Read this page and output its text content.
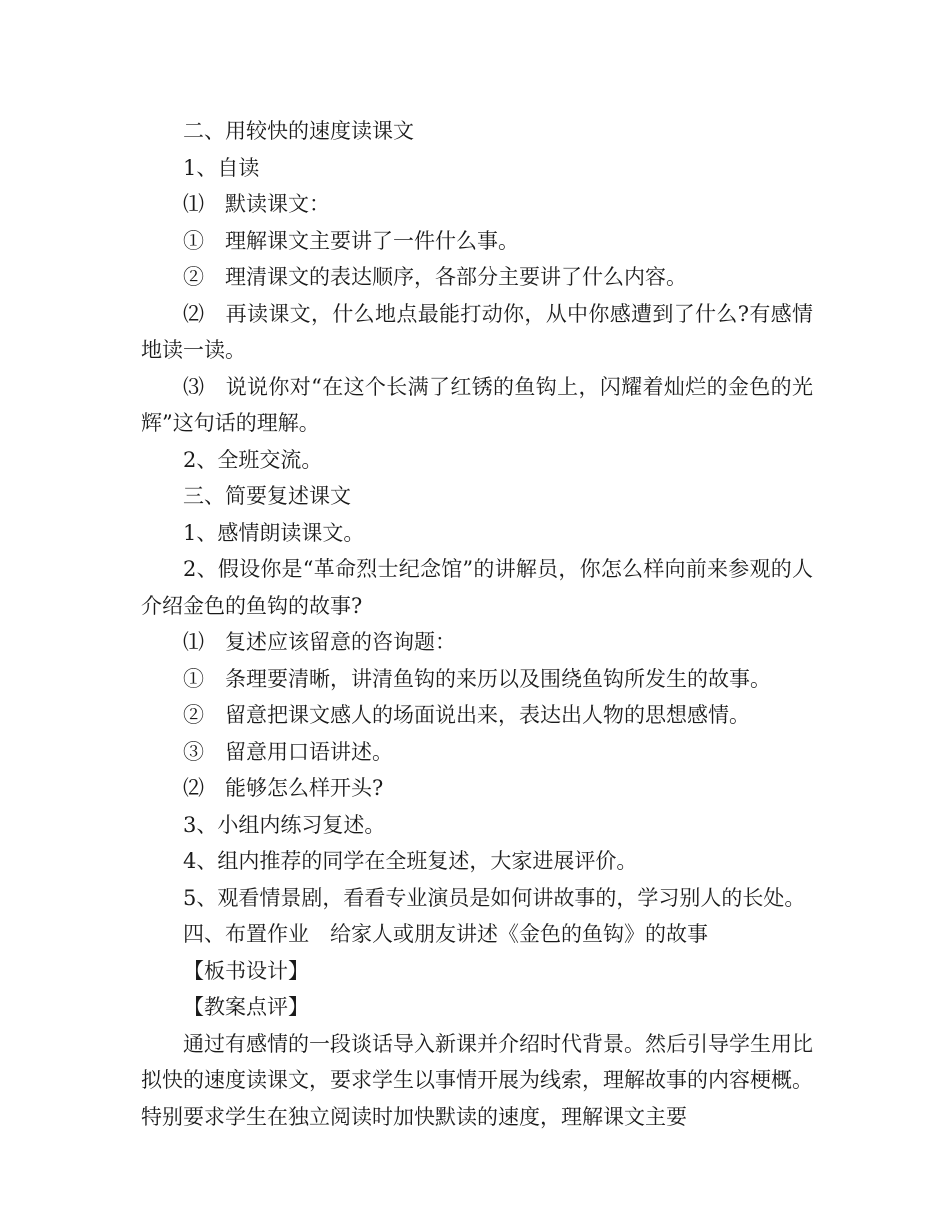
二、用较快的速度读课文

1、自读

⑴　默读课文：

①　理解课文主要讲了一件什么事。

②　理清课文的表达顺序，各部分主要讲了什么内容。

⑵　再读课文，什么地点最能打动你，从中你感遭到了什么?有感情地读一读。

⑶　说说你对“在这个长满了红锈的鱼钩上，闪耀着灿烂的金色的光辉”这句话的理解。

2、全班交流。

三、简要复述课文

1、感情朗读课文。

2、假设你是“革命烈士纪念馆”的讲解员，你怎么样向前来参观的人介绍金色的鱼钩的故事?

⑴　复述应该留意的咨询题：

①　条理要清晰，讲清鱼钩的来历以及围绕鱼钩所发生的故事。

②　留意把课文感人的场面说出来，表达出人物的思想感情。

③　留意用口语讲述。

⑵　能够怎么样开头?

3、小组内练习复述。

4、组内推荐的同学在全班复述，大家进展评价。

5、观看情景剧，看看专业演员是如何讲故事的，学习别人的长处。

四、布置作业　给家人或朋友讲述《金色的鱼钩》的故事

【板书设计】

【教案点评】

通过有感情的一段谈话导入新课并介绍时代背景。然后引导学生用比拟快的速度读课文，要求学生以事情开展为线索，理解故事的内容梗概。特别要求学生在独立阅读时加快默读的速度，理解课文主要
